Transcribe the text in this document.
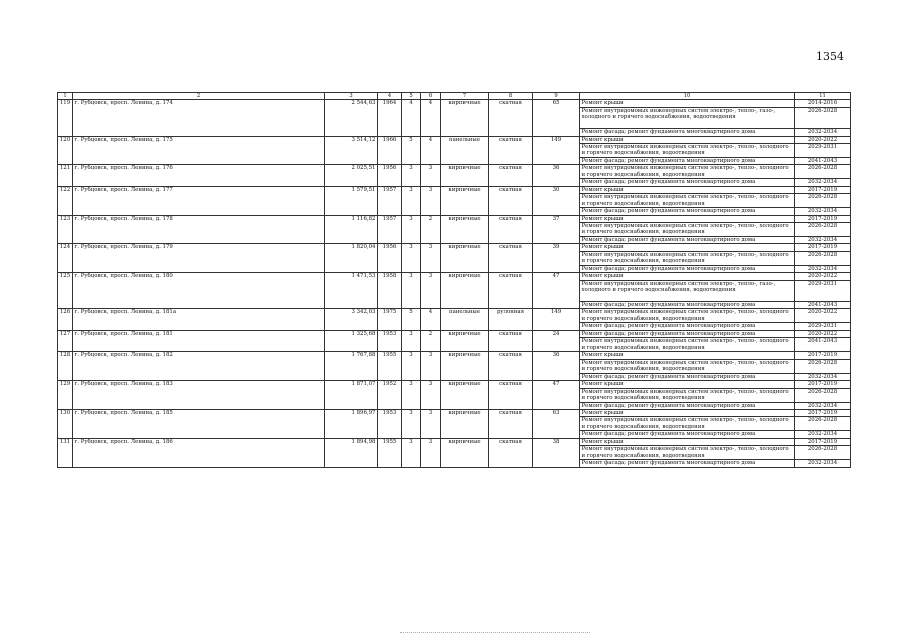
1354
1	2	3	4	5	6	7	8	9	10	11
119	г. Рубцовск, просп. Ленина, д. 174	2 544,63	1964	4	4	кирпичные	скатная	65	Ремонт крыши	2014-2016
									Ремонт внутридомовых инженерных систем электро-, тепло-, газо-, холодного и горячего водоснабжения, водоотведения	2026-2028
									Ремонт фасада; ремонт фундамента многоквартирного дома	2032-2034
120	г. Рубцовск, просп. Ленина, д. 175	3 514,12	1966	5	4	панельные	скатная	149	Ремонт крыши	2020-2022
									Ремонт внутридомовых инженерных систем электро-, тепло-, холодного и горячего водоснабжения, водоотведения	2029-2031
									Ремонт фасада; ремонт фундамента многоквартирного дома	2041-2043
121	г. Рубцовск, просп. Ленина, д. 176	2 025,51	1956	3	3	кирпичные	скатная	36	Ремонт внутридомовых инженерных систем электро-, тепло-, холодного и горячего водоснабжения, водоотведения	2026-2028
									Ремонт фасада; ремонт фундамента многоквартирного дома	2032-2034
122	г. Рубцовск, просп. Ленина, д. 177	1 579,51	1957	3	3	кирпичные	скатная	30	Ремонт крыши	2017-2019
									Ремонт внутридомовых инженерных систем электро-, тепло-, холодного и горячего водоснабжения, водоотведения	2026-2028
									Ремонт фасада; ремонт фундамента многоквартирного дома	2032-2034
123	г. Рубцовск, просп. Ленина, д. 178	1 116,82	1957	3	2	кирпичные	скатная	37	Ремонт крыши	2017-2019
									Ремонт внутридомовых инженерных систем электро-, тепло-, холодного и горячего водоснабжения, водоотведения	2026-2028
									Ремонт фасада; ремонт фундамента многоквартирного дома	2032-2034
124	г. Рубцовск, просп. Ленина, д. 179	1 820,04	1956	3	3	кирпичные	скатная	39	Ремонт крыши	2017-2019
									Ремонт внутридомовых инженерных систем электро-, тепло-, холодного и горячего водоснабжения, водоотведения	2026-2028
									Ремонт фасада; ремонт фундамента многоквартирного дома	2032-2034
125	г. Рубцовск, просп. Ленина, д. 180	1 471,53	1958	3	3	кирпичные	скатная	47	Ремонт крыши	2020-2022
									Ремонт внутридомовых инженерных систем электро-, тепло-, газо-, холодного и горячего водоснабжения, водоотведения	2029-2031
									Ремонт фасада; ремонт фундамента многоквартирного дома	2041-2043
126	г. Рубцовск, просп. Ленина, д. 181а	3 342,03	1975	5	4	панельные	рулонная	149	Ремонт внутридомовых инженерных систем электро-, тепло-, холодного и горячего водоснабжения, водоотведения	2020-2022
									Ремонт фасада; ремонт фундамента многоквартирного дома	2029-2031
127	г. Рубцовск, просп. Ленина, д. 181	1 325,68	1953	3	2	кирпичные	скатная	24	Ремонт фасада; ремонт фундамента многоквартирного дома	2020-2022
									Ремонт внутридомовых инженерных систем электро-, тепло-, холодного и горячего водоснабжения, водоотведения	2041-2043
128	г. Рубцовск, просп. Ленина, д. 182	1 767,88	1955	3	3	кирпичные	скатная	36	Ремонт крыши	2017-2019
									Ремонт внутридомовых инженерных систем электро-, тепло-, холодного и горячего водоснабжения, водоотведения	2026-2028
									Ремонт фасада; ремонт фундамента многоквартирного дома	2032-2034
129	г. Рубцовск, просп. Ленина, д. 183	1 871,07	1952	3	3	кирпичные	скатная	47	Ремонт крыши	2017-2019
									Ремонт внутридомовых инженерных систем электро-, тепло-, холодного и горячего водоснабжения, водоотведения	2026-2028
									Ремонт фасада; ремонт фундамента многоквартирного дома	2032-2034
130	г. Рубцовск, просп. Ленина, д. 185	1 896,97	1953	3	3	кирпичные	скатная	63	Ремонт крыши	2017-2019
									Ремонт внутридомовых инженерных систем электро-, тепло-, холодного и горячего водоснабжения, водоотведения	2026-2028
									Ремонт фасада; ремонт фундамента многоквартирного дома	2032-2034
131	г. Рубцовск, просп. Ленина, д. 186	1 894,98	1955	3	3	кирпичные	скатная	38	Ремонт крыши	2017-2019
									Ремонт внутридомовых инженерных систем электро-, тепло-, холодного и горячего водоснабжения, водоотведения	2026-2028
									Ремонт фасада; ремонт фундамента многоквартирного дома	2032-2034
